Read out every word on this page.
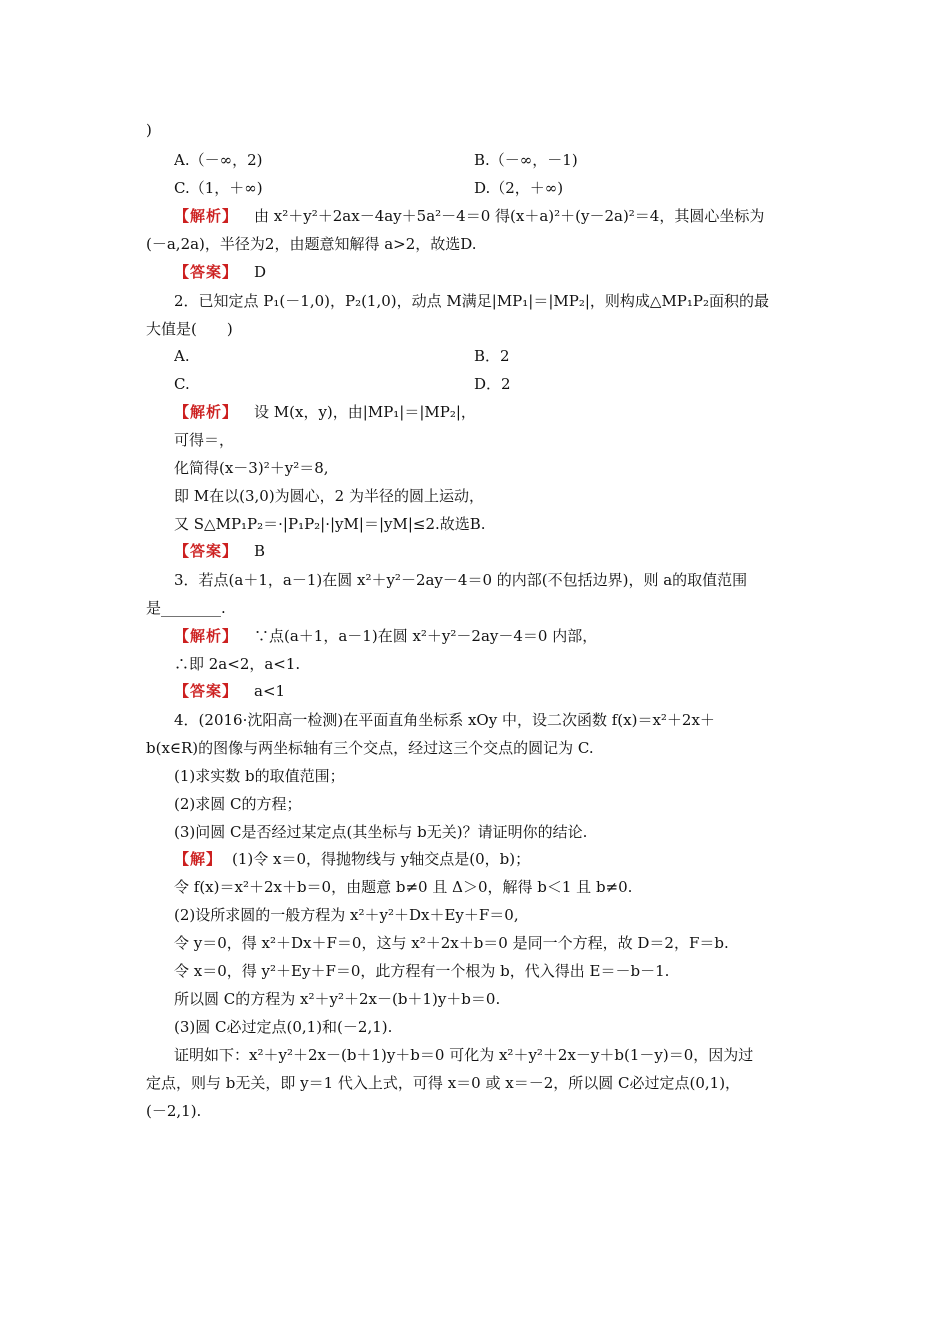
)
A.（－∞，2)	B.（－∞，－1)
C.（1，＋∞)	D.（2，＋∞)
【解析】 由 x²＋y²＋2ax－4ay＋5a²－4＝0 得(x＋a)²＋(y－2a)²＝4，其圆心坐标为
(－a,2a)，半径为2，由题意知解得 a>2，故选D.
【答案】 D
2．已知定点 P₁(－1,0)，P₂(1,0)，动点 M满足|MP₁|＝|MP₂|，则构成△MP₁P₂面积的最
大值是(　　)
A.	B．2
C.	D．2
【解析】 设 M(x，y)，由|MP₁|＝|MP₂|，
可得＝，
化简得(x－3)²＋y²＝8,
即 M在以(3,0)为圆心，2 为半径的圆上运动，
又 S△MP₁P₂＝·|P₁P₂|·|yM|＝|yM|≤2.故选B.
【答案】 B
3．若点(a＋1，a－1)在圆 x²＋y²－2ay－4＝0 的内部(不包括边界)，则 a的取值范围
是________.
【解析】 ∵点(a＋1，a－1)在圆 x²＋y²－2ay－4＝0 内部，
∴即 2a<2，a<1.
【答案】 a<1
4．(2016·沈阳高一检测)在平面直角坐标系 xOy 中，设二次函数 f(x)＝x²＋2x＋
b(x∈R)的图像与两坐标轴有三个交点，经过这三个交点的圆记为 C.
(1)求实数 b的取值范围；
(2)求圆 C的方程；
(3)问圆 C是否经过某定点(其坐标与 b无关)？请证明你的结论.
【解】 (1)令 x＝0，得抛物线与 y轴交点是(0，b)；
令 f(x)＝x²＋2x＋b＝0，由题意 b≠0 且 Δ＞0，解得 b＜1 且 b≠0.
(2)设所求圆的一般方程为 x²＋y²＋Dx＋Ey＋F＝0,
令 y＝0，得 x²＋Dx＋F＝0，这与 x²＋2x＋b＝0 是同一个方程，故 D＝2，F＝b.
令 x＝0，得 y²＋Ey＋F＝0，此方程有一个根为 b，代入得出 E＝－b－1.
所以圆 C的方程为 x²＋y²＋2x－(b＋1)y＋b＝0.
(3)圆 C必过定点(0,1)和(－2,1).
证明如下：x²＋y²＋2x－(b＋1)y＋b＝0 可化为 x²＋y²＋2x－y＋b(1－y)＝0，因为过
定点，则与 b无关，即 y＝1 代入上式，可得 x＝0 或 x＝－2，所以圆 C必过定点(0,1)，
(－2,1).
